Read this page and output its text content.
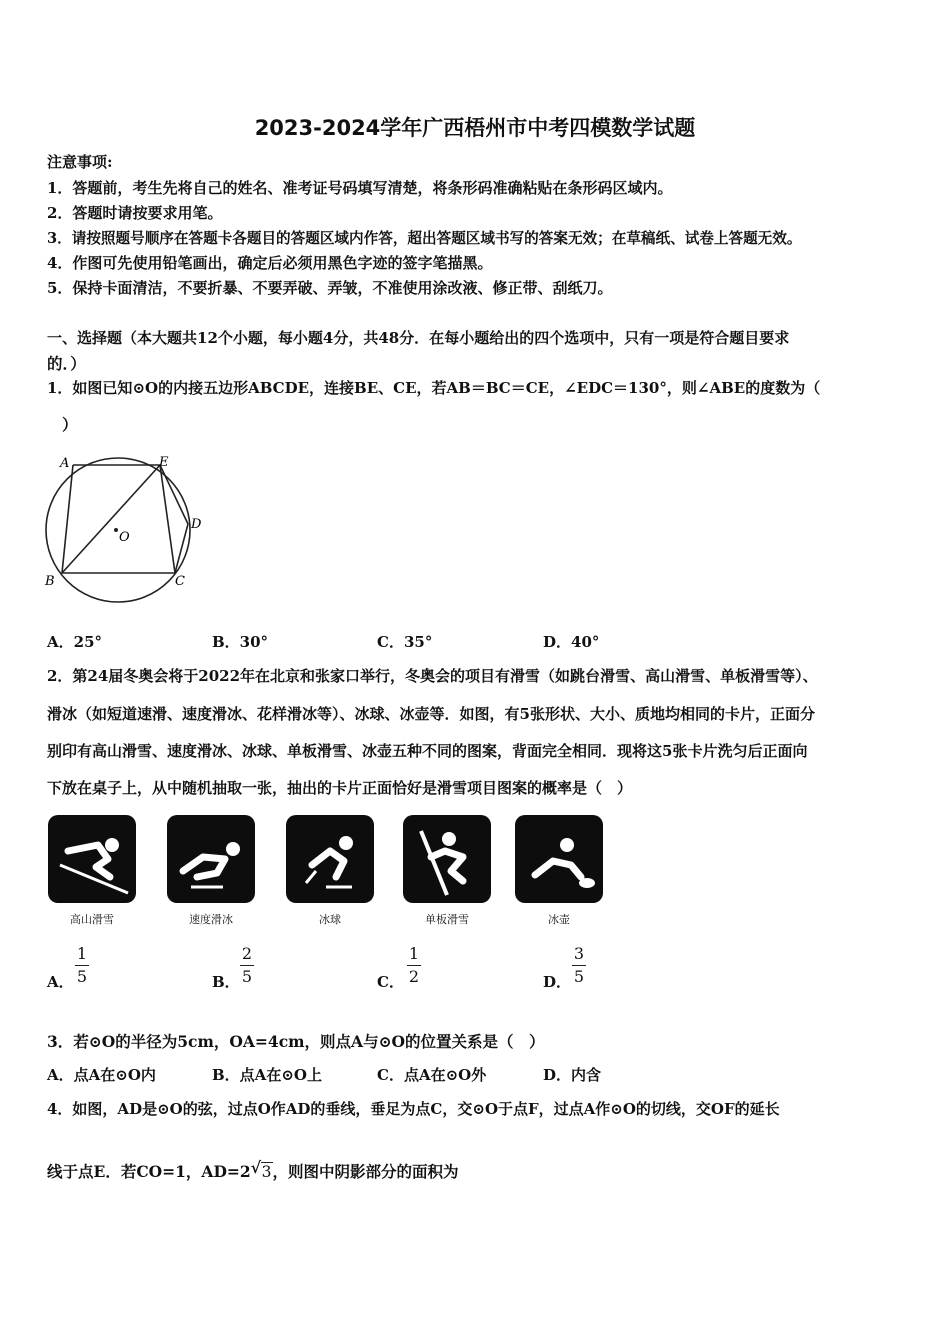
2023-2024学年广西梧州市中考四模数学试题
注意事项:
1．答题前，考生先将自己的姓名、准考证号码填写清楚，将条形码准确粘贴在条形码区域内。
2．答题时请按要求用笔。
3．请按照题号顺序在答题卡各题目的答题区域内作答，超出答题区域书写的答案无效；在草稿纸、试卷上答题无效。
4．作图可先使用铅笔画出，确定后必须用黑色字迹的签字笔描黑。
5．保持卡面清洁，不要折暴、不要弄破、弄皱，不准使用涂改液、修正带、刮纸刀。
一、选择题（本大题共12个小题，每小题4分，共48分．在每小题给出的四个选项中，只有一项是符合题目要求
的．）
1．如图已知⊙O的内接五边形ABCDE，连接BE、CE，若AB＝BC＝CE，∠EDC＝130°，则∠ABE的度数为（
）
A	E
D
O
B	C
A．25°	B．30°	C．35°	D．40°
2．第24届冬奥会将于2022年在北京和张家口举行，冬奥会的项目有滑雪（如跳台滑雪、高山滑雪、单板滑雪等）、
滑冰（如短道速滑、速度滑冰、花样滑冰等）、冰球、冰壶等．如图，有5张形状、大小、质地均相同的卡片，正面分
别印有高山滑雪、速度滑冰、冰球、单板滑雪、冰壶五种不同的图案，背面完全相同．现将这5张卡片洗匀后正面向
下放在桌子上，从中随机抽取一张，抽出的卡片正面恰好是滑雪项目图案的概率是（　）
高山滑雪	速度滑冰	冰球	单板滑雪	冰壶
A．
1
5	B．
2
5	C．
1
2	D．
3
5
3．若⊙O的半径为5cm，OA=4cm，则点A与⊙O的位置关系是（　）
A．点A在⊙O内	B．点A在⊙O上	C．点A在⊙O外	D．内含
4．如图，AD是⊙O的弦，过点O作AD的垂线，垂足为点C，交⊙O于点F，过点A作⊙O的切线，交OF的延长
线于点E．若CO=1，AD=2 √ 3，则图中阴影部分的面积为
